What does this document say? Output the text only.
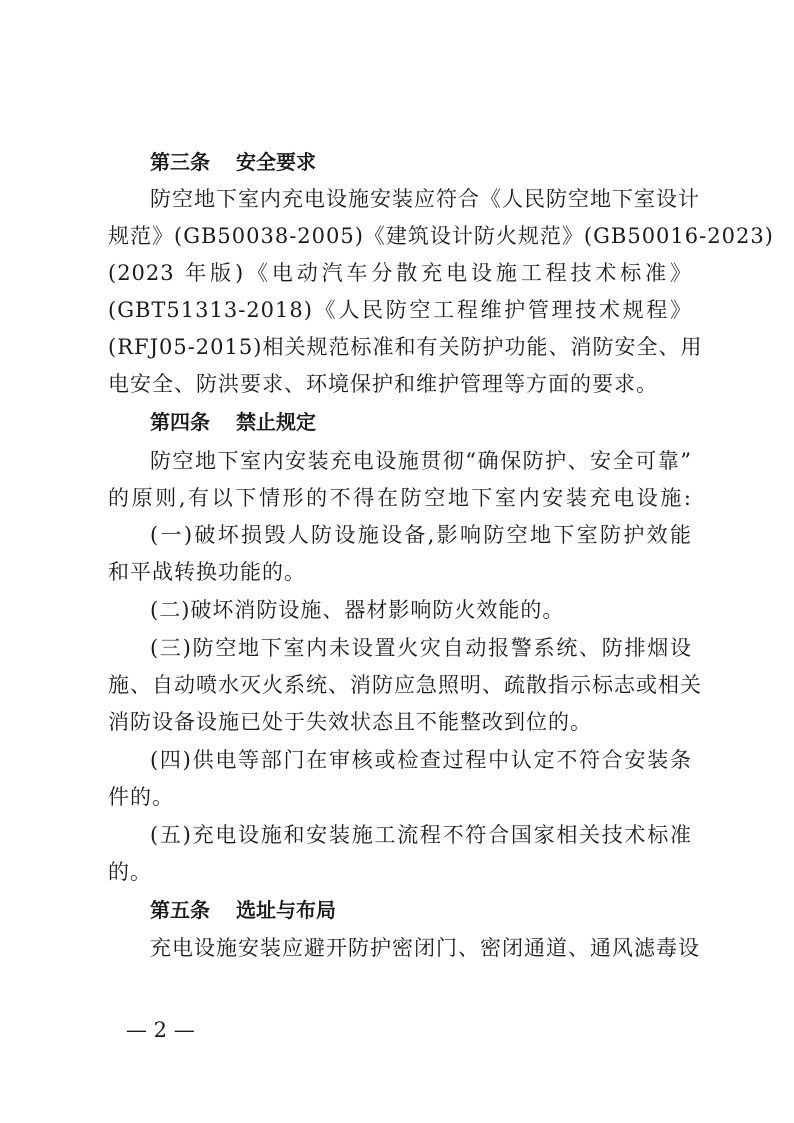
第三条 安全要求
防空地下室内充电设施安装应符合《人民防空地下室设计
规范》(GB50038-2005)《建筑设计防火规范》(GB50016-2023)
(2023 年版)《电动汽车分散充电设施工程技术标准》
(GBT51313-2018)《人民防空工程维护管理技术规程》
(RFJ05-2015)相关规范标准和有关防护功能、消防安全、用
电安全、防洪要求、环境保护和维护管理等方面的要求。
第四条 禁止规定
防空地下室内安装充电设施贯彻“确保防护、安全可靠”
的原则,有以下情形的不得在防空地下室内安装充电设施:
(一)破坏损毁人防设施设备,影响防空地下室防护效能
和平战转换功能的。
(二)破坏消防设施、器材影响防火效能的。
(三)防空地下室内未设置火灾自动报警系统、防排烟设
施、自动喷水灭火系统、消防应急照明、疏散指示标志或相关
消防设备设施已处于失效状态且不能整改到位的。
(四)供电等部门在审核或检查过程中认定不符合安装条
件的。
(五)充电设施和安装施工流程不符合国家相关技术标准
的。
第五条 选址与布局
充电设施安装应避开防护密闭门、密闭通道、通风滤毒设
— 2 —
